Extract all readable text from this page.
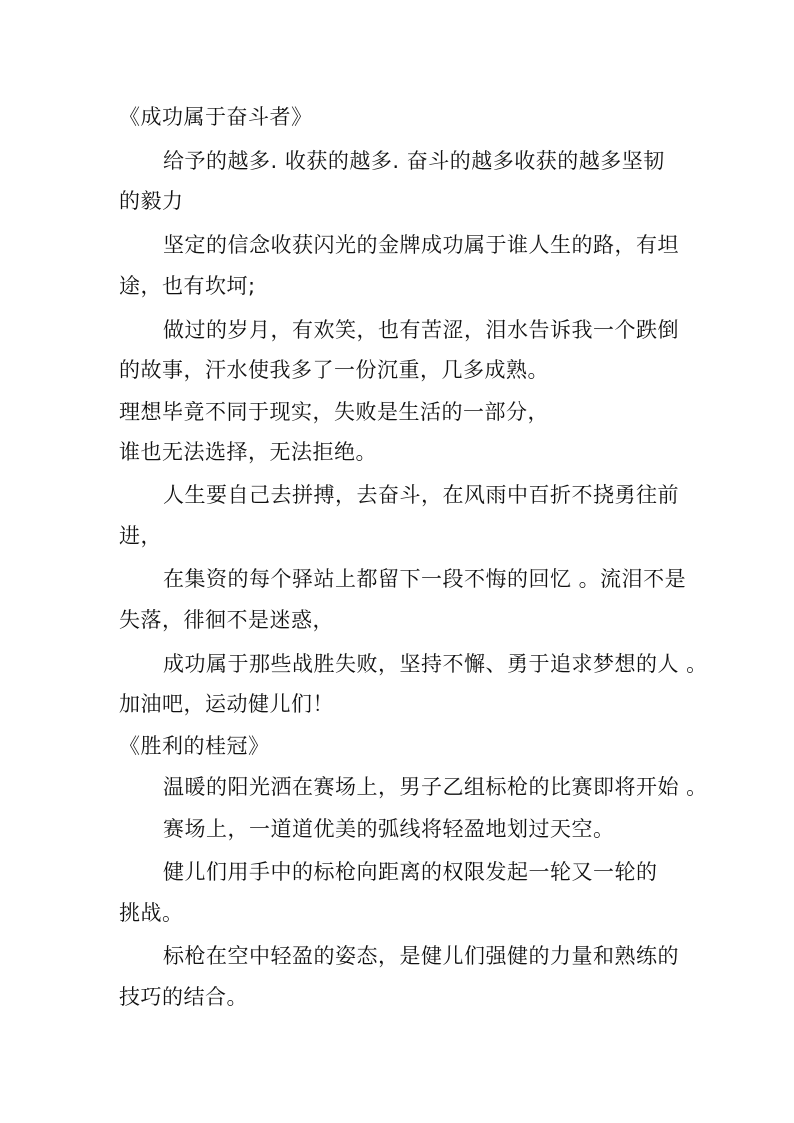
《成功属于奋斗者》
给予的越多. 收获的越多. 奋斗的越多收获的越多坚韧
的毅力
坚定的信念收获闪光的金牌成功属于谁人生的路，有坦
途，也有坎坷;
做过的岁月，有欢笑，也有苦涩，泪水告诉我一个跌倒
的故事，汗水使我多了一份沉重，几多成熟。
理想毕竟不同于现实，失败是生活的一部分，
谁也无法选择，无法拒绝。
人生要自己去拼搏，去奋斗，在风雨中百折不挠勇往前
进，
在集资的每个驿站上都留下一段不悔的回忆 。流泪不是
失落，徘徊不是迷惑，
成功属于那些战胜失败，坚持不懈、勇于追求梦想的人 。
加油吧，运动健儿们！
《胜利的桂冠》
温暖的阳光洒在赛场上，男子乙组标枪的比赛即将开始 。
赛场上，一道道优美的弧线将轻盈地划过天空。
健儿们用手中的标枪向距离的权限发起一轮又一轮的
挑战。
标枪在空中轻盈的姿态，是健儿们强健的力量和熟练的
技巧的结合。
